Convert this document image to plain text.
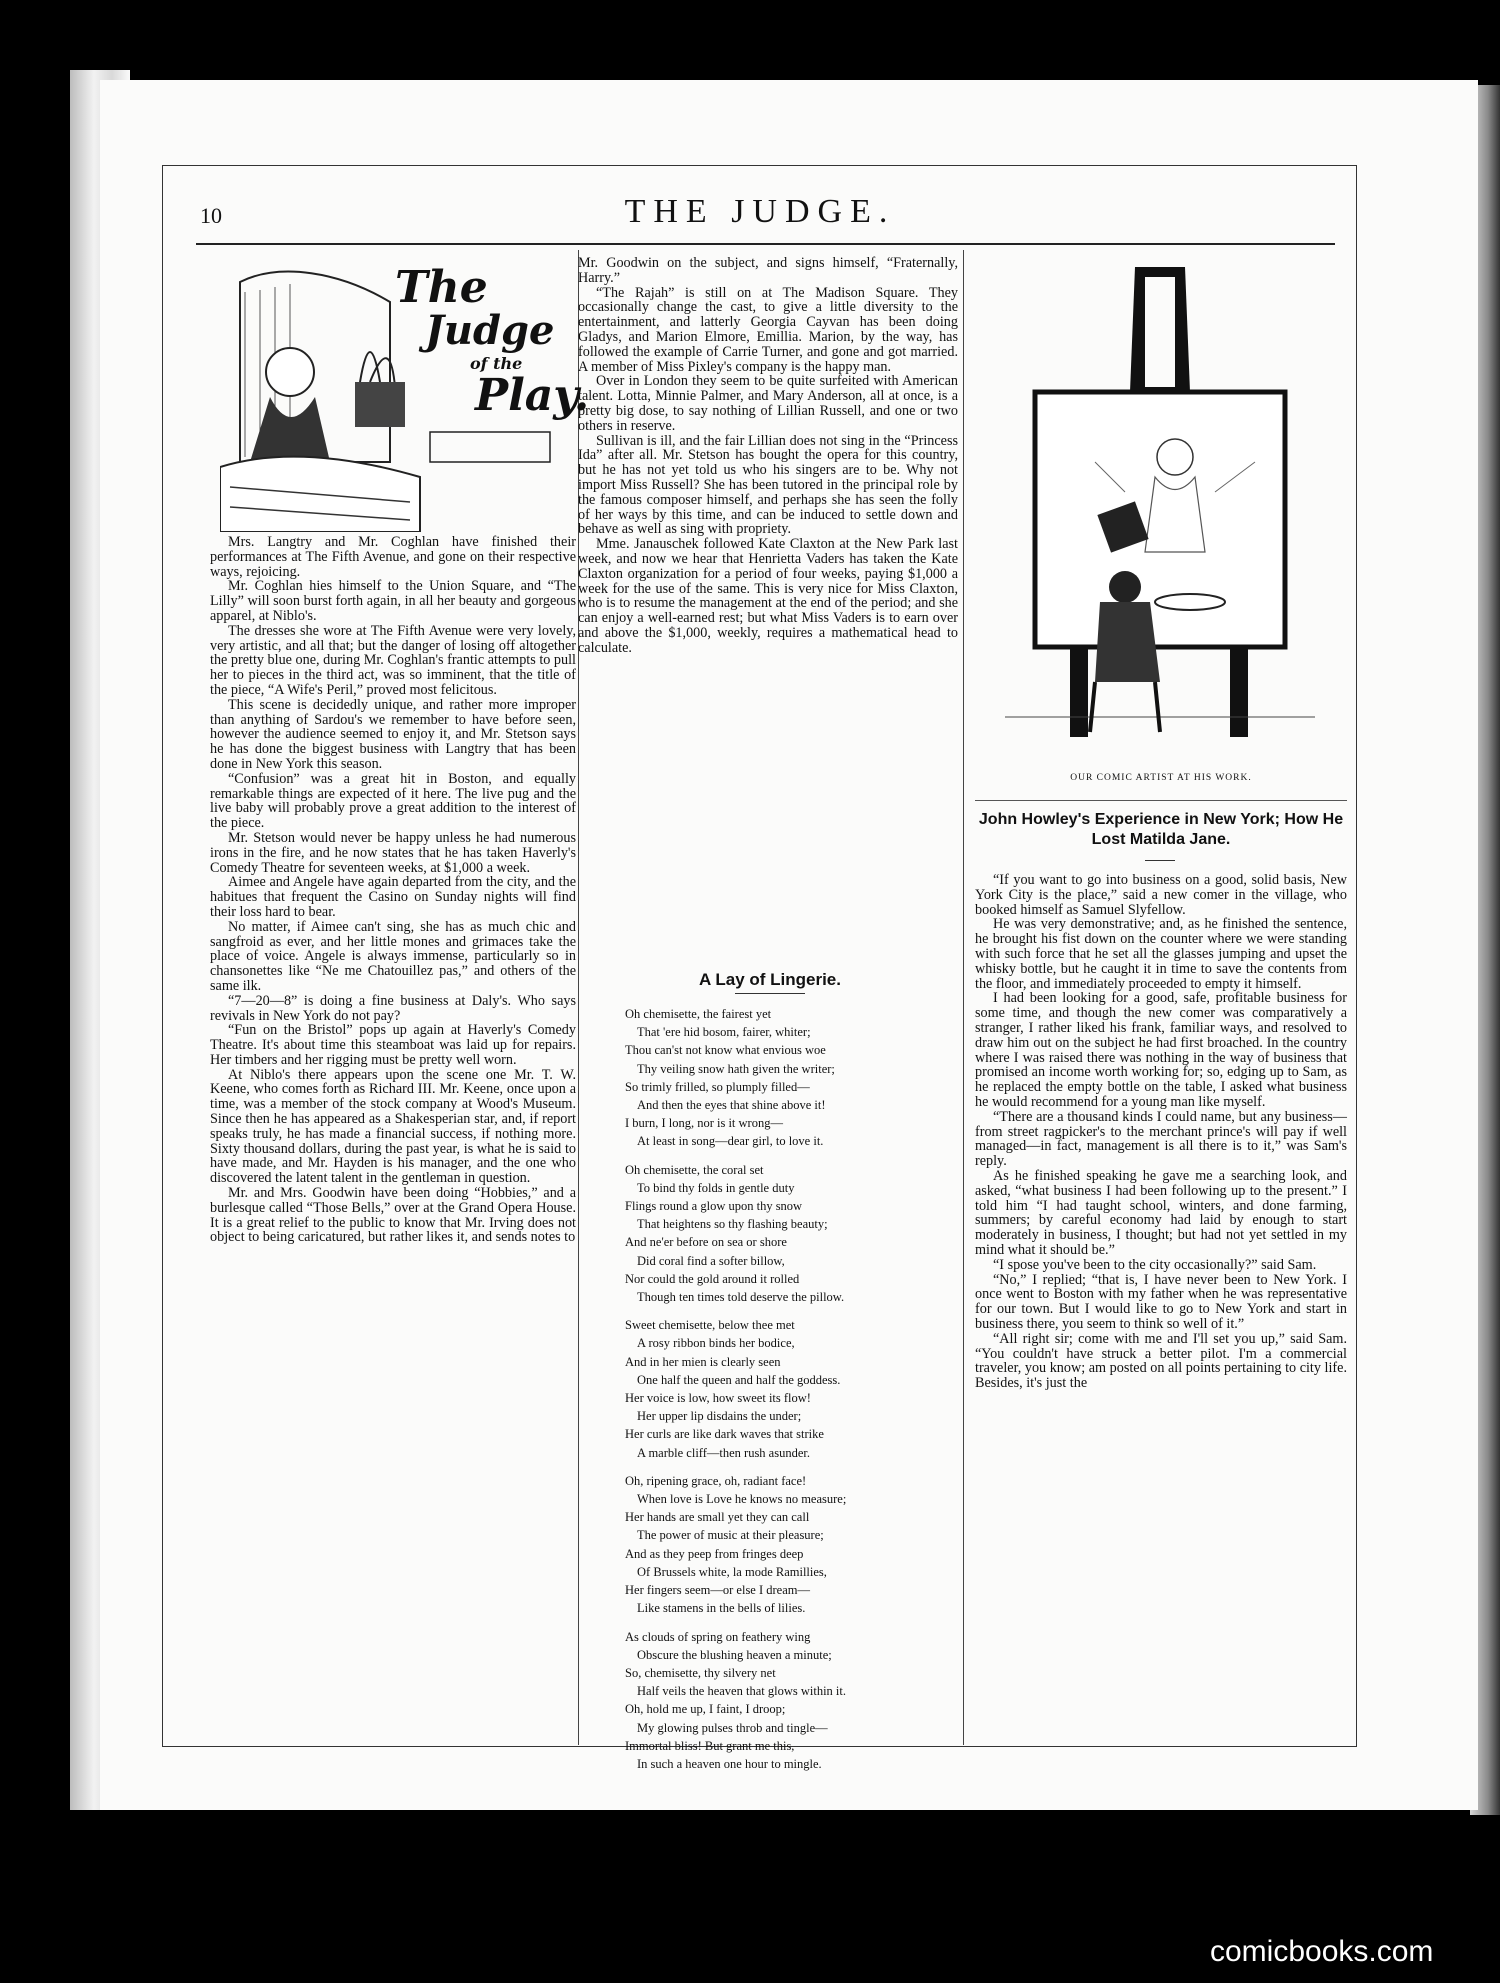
10	THE JUDGE.
The
Judge
of the
Play.

Mrs. Langtry and Mr. Coghlan have finished their performances at The Fifth Avenue, and gone on their respective ways, rejoicing.

Mr. Coghlan hies himself to the Union Square, and “The Lilly” will soon burst forth again, in all her beauty and gorgeous apparel, at Niblo's.

The dresses she wore at The Fifth Avenue were very lovely, very artistic, and all that; but the danger of losing off altogether the pretty blue one, during Mr. Coghlan's frantic attempts to pull her to pieces in the third act, was so imminent, that the title of the piece, “A Wife's Peril,” proved most felicitous.

This scene is decidedly unique, and rather more improper than anything of Sardou's we remember to have before seen, however the audience seemed to enjoy it, and Mr. Stetson says he has done the biggest business with Langtry that has been done in New York this season.

“Confusion” was a great hit in Boston, and equally remarkable things are expected of it here. The live pug and the live baby will probably prove a great addition to the interest of the piece.

Mr. Stetson would never be happy unless he had numerous irons in the fire, and he now states that he has taken Haverly's Comedy Theatre for seventeen weeks, at $1,000 a week.

Aimee and Angele have again departed from the city, and the habitues that frequent the Casino on Sunday nights will find their loss hard to bear.

No matter, if Aimee can't sing, she has as much chic and sangfroid as ever, and her little mones and grimaces take the place of voice. Angele is always immense, particularly so in chansonettes like “Ne me Chatouillez pas,” and others of the same ilk.

“7—20—8” is doing a fine business at Daly's. Who says revivals in New York do not pay?

“Fun on the Bristol” pops up again at Haverly's Comedy Theatre. It's about time this steamboat was laid up for repairs. Her timbers and her rigging must be pretty well worn.

At Niblo's there appears upon the scene one Mr. T. W. Keene, who comes forth as Richard III. Mr. Keene, once upon a time, was a member of the stock company at Wood's Museum. Since then he has appeared as a Shakesperian star, and, if report speaks truly, he has made a financial success, if nothing more. Sixty thousand dollars, during the past year, is what he is said to have made, and Mr. Hayden is his manager, and the one who discovered the latent talent in the gentleman in question.

Mr. and Mrs. Goodwin have been doing “Hobbies,” and a burlesque called “Those Bells,” over at the Grand Opera House. It is a great relief to the public to know that Mr. Irving does not object to being caricatured, but rather likes it, and sends notes to

Mr. Goodwin on the subject, and signs himself, “Fraternally, Harry.”

“The Rajah” is still on at The Madison Square. They occasionally change the cast, to give a little diversity to the entertainment, and latterly Georgia Cayvan has been doing Gladys, and Marion Elmore, Emillia. Marion, by the way, has followed the example of Carrie Turner, and gone and got married. A member of Miss Pixley's company is the happy man.

Over in London they seem to be quite surfeited with American talent. Lotta, Minnie Palmer, and Mary Anderson, all at once, is a pretty big dose, to say nothing of Lillian Russell, and one or two others in reserve.

Sullivan is ill, and the fair Lillian does not sing in the “Princess Ida” after all. Mr. Stetson has bought the opera for this country, but he has not yet told us who his singers are to be. Why not import Miss Russell? She has been tutored in the principal role by the famous composer himself, and perhaps she has seen the folly of her ways by this time, and can be induced to settle down and behave as well as sing with propriety.

Mme. Janauschek followed Kate Claxton at the New Park last week, and now we hear that Henrietta Vaders has taken the Kate Claxton organization for a period of four weeks, paying $1,000 a week for the use of the same. This is very nice for Miss Claxton, who is to resume the management at the end of the period; and she can enjoy a well-earned rest; but what Miss Vaders is to earn over and above the $1,000, weekly, requires a mathematical head to calculate.

A Lay of Lingerie.
Oh chemisette, the fairest yet
That 'ere hid bosom, fairer, whiter;
Thou can'st not know what envious woe
Thy veiling snow hath given the writer;
So trimly frilled, so plumply filled—
And then the eyes that shine above it!
I burn, I long, nor is it wrong—
At least in song—dear girl, to love it.
Oh chemisette, the coral set
To bind thy folds in gentle duty
Flings round a glow upon thy snow
That heightens so thy flashing beauty;
And ne'er before on sea or shore
Did coral find a softer billow,
Nor could the gold around it rolled
Though ten times told deserve the pillow.
Sweet chemisette, below thee met
A rosy ribbon binds her bodice,
And in her mien is clearly seen
One half the queen and half the goddess.
Her voice is low, how sweet its flow!
Her upper lip disdains the under;
Her curls are like dark waves that strike
A marble cliff—then rush asunder.
Oh, ripening grace, oh, radiant face!
When love is Love he knows no measure;
Her hands are small yet they can call
The power of music at their pleasure;
And as they peep from fringes deep
Of Brussels white, la mode Ramillies,
Her fingers seem—or else I dream—
Like stamens in the bells of lilies.
As clouds of spring on feathery wing
Obscure the blushing heaven a minute;
So, chemisette, thy silvery net
Half veils the heaven that glows within it.
Oh, hold me up, I faint, I droop;
My glowing pulses throb and tingle—
Immortal bliss! But grant me this,
In such a heaven one hour to mingle.
OUR COMIC ARTIST AT HIS WORK.
John Howley's Experience in New York; How He Lost Matilda Jane.

“If you want to go into business on a good, solid basis, New York City is the place,” said a new comer in the village, who booked himself as Samuel Slyfellow.

He was very demonstrative; and, as he finished the sentence, he brought his fist down on the counter where we were standing with such force that he set all the glasses jumping and upset the whisky bottle, but he caught it in time to save the contents from the floor, and immediately proceeded to empty it himself.

I had been looking for a good, safe, profitable business for some time, and though the new comer was comparatively a stranger, I rather liked his frank, familiar ways, and resolved to draw him out on the subject he had first broached. In the country where I was raised there was nothing in the way of business that promised an income worth working for; so, edging up to Sam, as he replaced the empty bottle on the table, I asked what business he would recommend for a young man like myself.

“There are a thousand kinds I could name, but any business—from street ragpicker's to the merchant prince's will pay if well managed—in fact, management is all there is to it,” was Sam's reply.

As he finished speaking he gave me a searching look, and asked, “what business I had been following up to the present.” I told him “I had taught school, winters, and done farming, summers; by careful economy had laid by enough to start moderately in business, I thought; but had not yet settled in my mind what it should be.”

“I spose you've been to the city occasionally?” said Sam.

“No,” I replied; “that is, I have never been to New York. I once went to Boston with my father when he was representative for our town. But I would like to go to New York and start in business there, you seem to think so well of it.”

“All right sir; come with me and I'll set you up,” said Sam. “You couldn't have struck a better pilot. I'm a commercial traveler, you know; am posted on all points pertaining to city life. Besides, it's just the

comicbooks.com
